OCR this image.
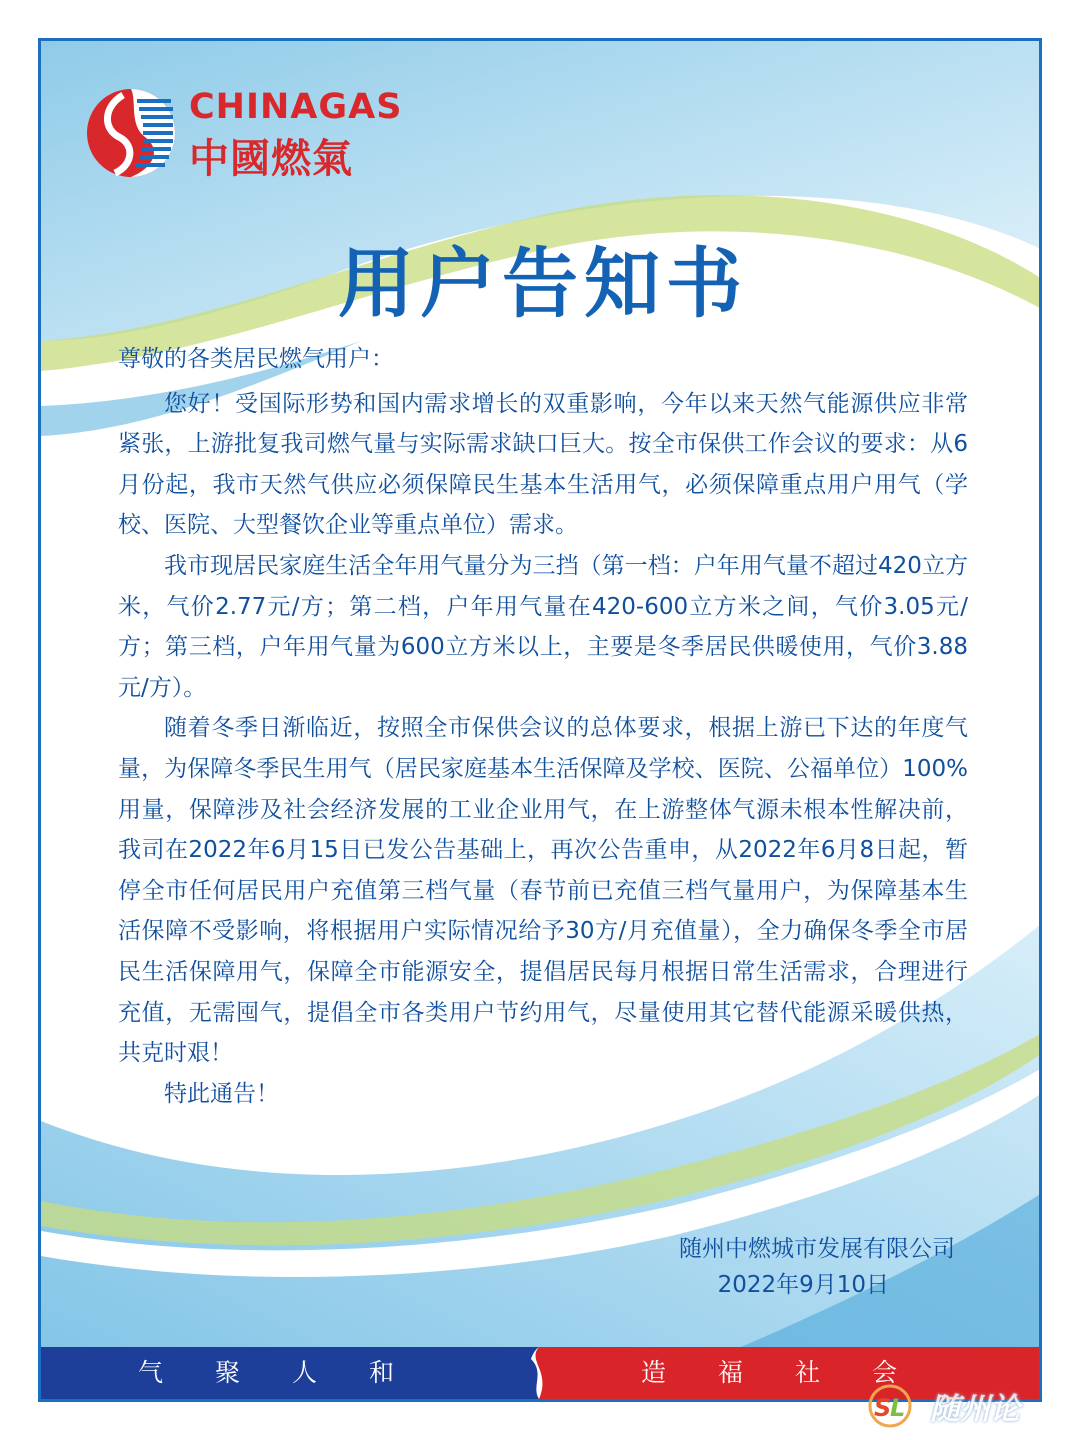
CHINAGAS
中國燃氣
用户告知书

尊敬的各类居民燃气用户：

您好！受国际形势和国内需求增长的双重影响，今年以来天然气能源供应非常紧张，上游批复我司燃气量与实际需求缺口巨大。按全市保供工作会议的要求：从6月份起，我市天然气供应必须保障民生基本生活用气，必须保障重点用户用气（学校、医院、大型餐饮企业等重点单位）需求。

我市现居民家庭生活全年用气量分为三挡（第一档：户年用气量不超过420立方米，气价2.77元/方；第二档，户年用气量在420-600立方米之间，气价3.05元/方；第三档，户年用气量为600立方米以上，主要是冬季居民供暖使用，气价3.88元/方）。

随着冬季日渐临近，按照全市保供会议的总体要求，根据上游已下达的年度气量，为保障冬季民生用气（居民家庭基本生活保障及学校、医院、公福单位）100%用量，保障涉及社会经济发展的工业企业用气，在上游整体气源未根本性解决前，我司在2022年6月15日已发公告基础上，再次公告重申，从2022年6月8日起，暂停全市任何居民用户充值第三档气量（春节前已充值三档气量用户，为保障基本生活保障不受影响，将根据用户实际情况给予30方/月充值量），全力确保冬季全市居民生活保障用气，保障全市能源安全，提倡居民每月根据日常生活需求，合理进行充值，无需囤气，提倡全市各类用户节约用气，尽量使用其它替代能源采暖供热，共克时艰！

特此通告！

随州中燃城市发展有限公司
2022年9月10日
气聚人和	造福社会
S
L 随州论
